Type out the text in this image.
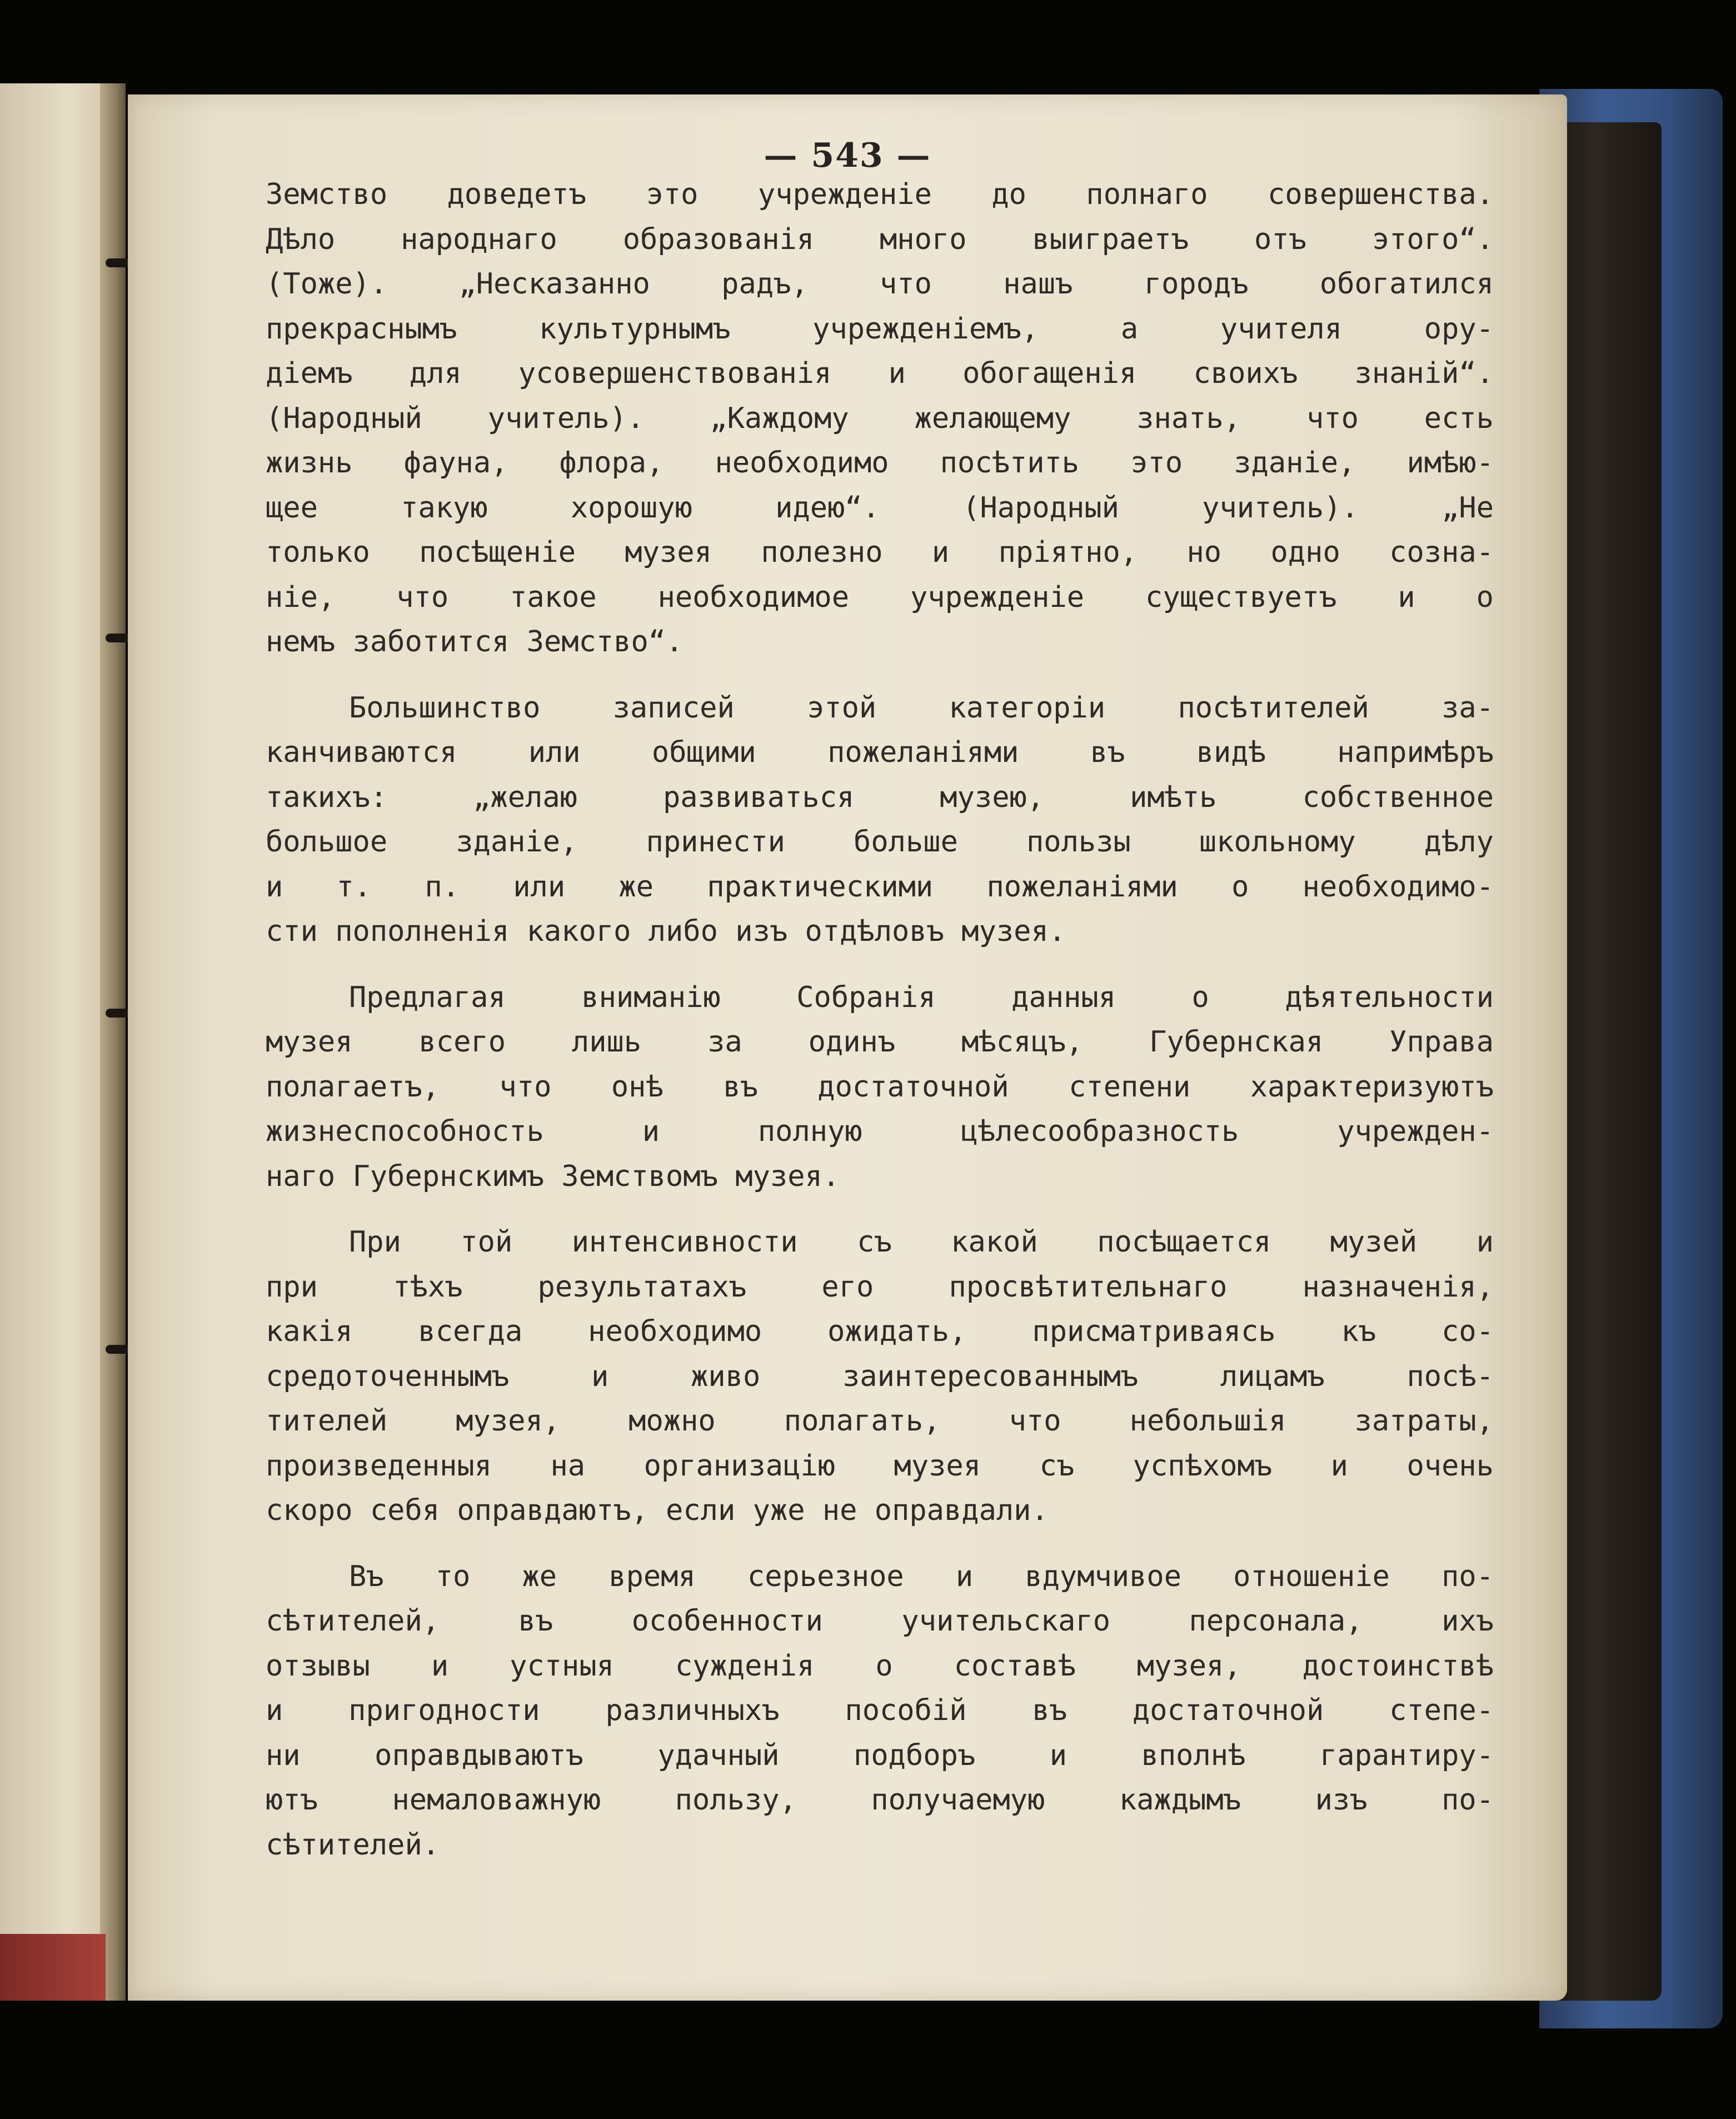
— 543 —
Земство доведетъ это учрежденіе до полнаго совершенства.
Дѣло народнаго образованія много выиграетъ отъ этого“.
(Тоже). „Несказанно радъ, что нашъ городъ обогатился
прекраснымъ культурнымъ учрежденіемъ, а учителя ору-
діемъ для усовершенствованія и обогащенія своихъ знаній“.
(Народный учитель). „Каждому желающему знать, что есть
жизнь фауна, флора, необходимо посѣтить это зданіе, имѣю-
щее такую хорошую идею“. (Народный учитель). „Не
только посѣщеніе музея полезно и пріятно, но одно созна-
ніе, что такое необходимое учрежденіе существуетъ и о
немъ заботится Земство“.
Большинство записей этой категоріи посѣтителей за-
канчиваются или общими пожеланіями въ видѣ напримѣръ
такихъ: „желаю развиваться музею, имѣть собственное
большое зданіе, принести больше пользы школьному дѣлу
и т. п. или же практическими пожеланіями о необходимо-
сти пополненія какого либо изъ отдѣловъ музея.
Предлагая вниманію Собранія данныя о дѣятельности
музея всего лишь за одинъ мѣсяцъ, Губернская Управа
полагаетъ, что онѣ въ достаточной степени характеризуютъ
жизнеспособность и полную цѣлесообразность учрежден-
наго Губернскимъ Земствомъ музея.
При той интенсивности съ какой посѣщается музей и
при тѣхъ результатахъ его просвѣтительнаго назначенія,
какія всегда необходимо ожидать, присматриваясь къ со-
средоточеннымъ и живо заинтересованнымъ лицамъ посѣ-
тителей музея, можно полагать, что небольшія затраты,
произведенныя на организацію музея съ успѣхомъ и очень
скоро себя оправдаютъ, если уже не оправдали.
Въ то же время серьезное и вдумчивое отношеніе по-
сѣтителей, въ особенности учительскаго персонала, ихъ
отзывы и устныя сужденія о составѣ музея, достоинствѣ
и пригодности различныхъ пособій въ достаточной степе-
ни оправдываютъ удачный подборъ и вполнѣ гарантиру-
ютъ немаловажную пользу, получаемую каждымъ изъ по-
сѣтителей.
